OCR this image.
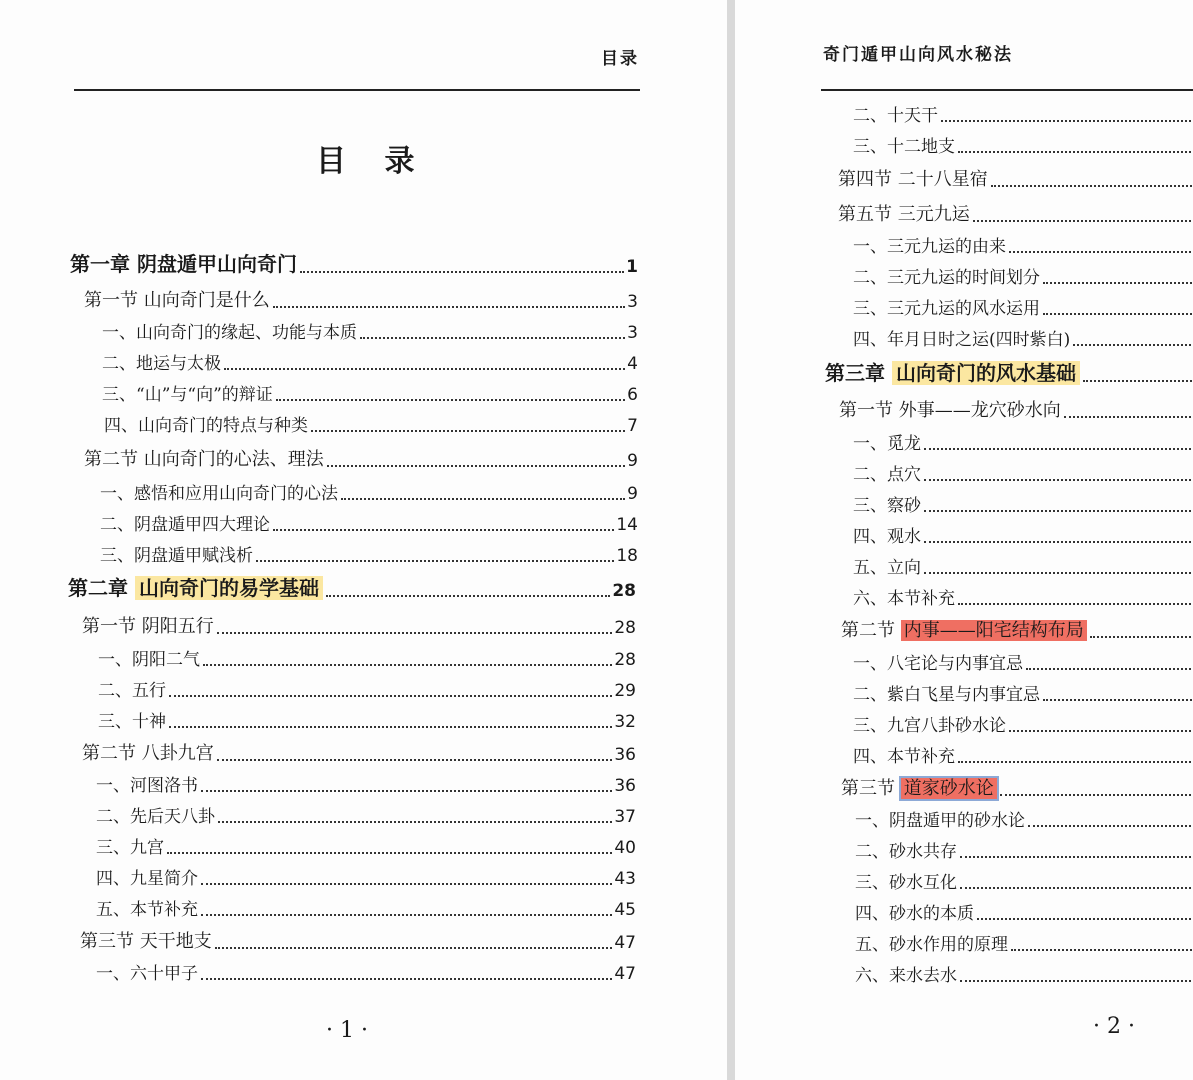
目录
目 录
第一章 阴盘遁甲山向奇门	1
第一节 山向奇门是什么	3
一、山向奇门的缘起、功能与本质	3
二、地运与太极	4
三、“山”与“向”的辩证	6
四、山向奇门的特点与种类	7
第二节 山向奇门的心法、理法	9
一、感悟和应用山向奇门的心法	9
二、阴盘遁甲四大理论	14
三、阴盘遁甲赋浅析	18
第二章 山向奇门的易学基础	28
第一节 阴阳五行	28
一、阴阳二气	28
二、五行	29
三、十神	32
第二节 八卦九宫	36
一、河图洛书	36
二、先后天八卦	37
三、九宫	40
四、九星简介	43
五、本节补充	45
第三节 天干地支	47
一、六十甲子	47
· 1 ·
奇门遁甲山向风水秘法
二、十天干
三、十二地支
第四节 二十八星宿
第五节 三元九运
一、三元九运的由来
二、三元九运的时间划分
三、三元九运的风水运用
四、年月日时之运(四时紫白)
第三章 山向奇门的风水基础
第一节 外事——龙穴砂水向
一、觅龙
二、点穴
三、察砂
四、观水
五、立向
六、本节补充
第二节 内事——阳宅结构布局
一、八宅论与内事宜忌
二、紫白飞星与内事宜忌
三、九宫八卦砂水论
四、本节补充
第三节 道家砂水论
一、阴盘遁甲的砂水论
二、砂水共存
三、砂水互化
四、砂水的本质
五、砂水作用的原理
六、来水去水
· 2 ·
